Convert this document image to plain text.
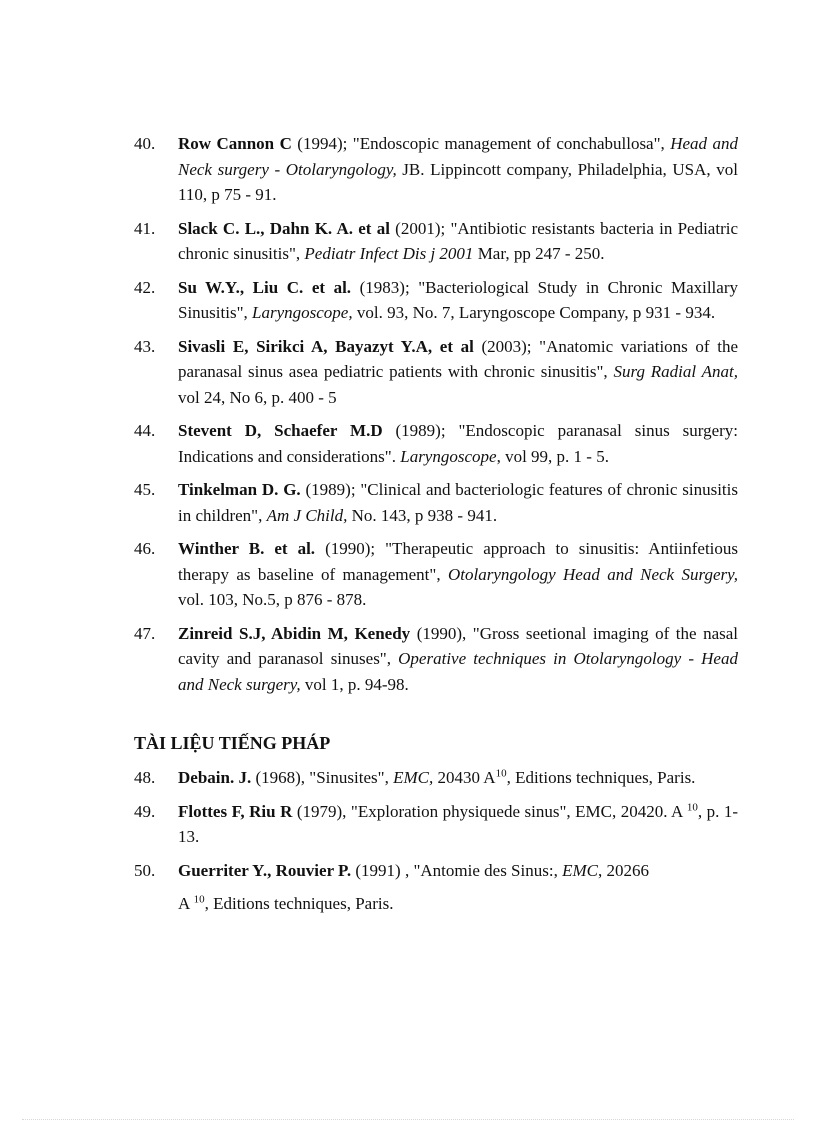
40.	Row Cannon C (1994); "Endoscopic management of conchabullosa", Head and Neck surgery - Otolaryngology, JB. Lippincott company, Philadelphia, USA, vol 110, p 75 - 91.
41.	Slack C. L., Dahn K. A. et al (2001); "Antibiotic resistants bacteria in Pediatric chronic sinusitis", Pediatr Infect Dis j 2001 Mar, pp 247 - 250.
42.	Su W.Y., Liu C. et al. (1983); "Bacteriological Study in Chronic Maxillary Sinusitis", Laryngoscope, vol. 93, No. 7, Laryngoscope Company, p 931 - 934.
43.	Sivasli E, Sirikci A, Bayazyt Y.A, et al (2003); "Anatomic variations of the paranasal sinus asea pediatric patients with chronic sinusitis", Surg Radial Anat, vol 24, No 6, p. 400 - 5
44.	Stevent D, Schaefer M.D (1989); "Endoscopic paranasal sinus surgery: Indications and considerations". Laryngoscope, vol 99, p. 1 - 5.
45.	Tinkelman D. G. (1989); "Clinical and bacteriologic features of chronic sinusitis in children", Am J Child, No. 143, p 938 - 941.
46.	Winther B. et al. (1990); "Therapeutic approach to sinusitis: Antiinfetious therapy as baseline of management", Otolaryngology Head and Neck Surgery, vol. 103, No.5, p 876 - 878.
47.	Zinreid S.J, Abidin M, Kenedy (1990), "Gross seetional imaging of the nasal cavity and paranasol sinuses", Operative techniques in Otolaryngology - Head and Neck surgery, vol 1, p. 94-98.
TÀI LIỆU TIẾNG PHÁP
48.	Debain. J. (1968), "Sinusites", EMC, 20430 $A^{10}$, Editions techniques, Paris.
49.	Flottes F, Riu R (1979), "Exploration physiquede sinus", EMC, 20420. A $^{10}$, p. 1-13.
50.	Guerriter Y., Rouvier P. (1991) , "Antomie des Sinus:, EMC, 20266
A $^{10}$, Editions techniques, Paris.
